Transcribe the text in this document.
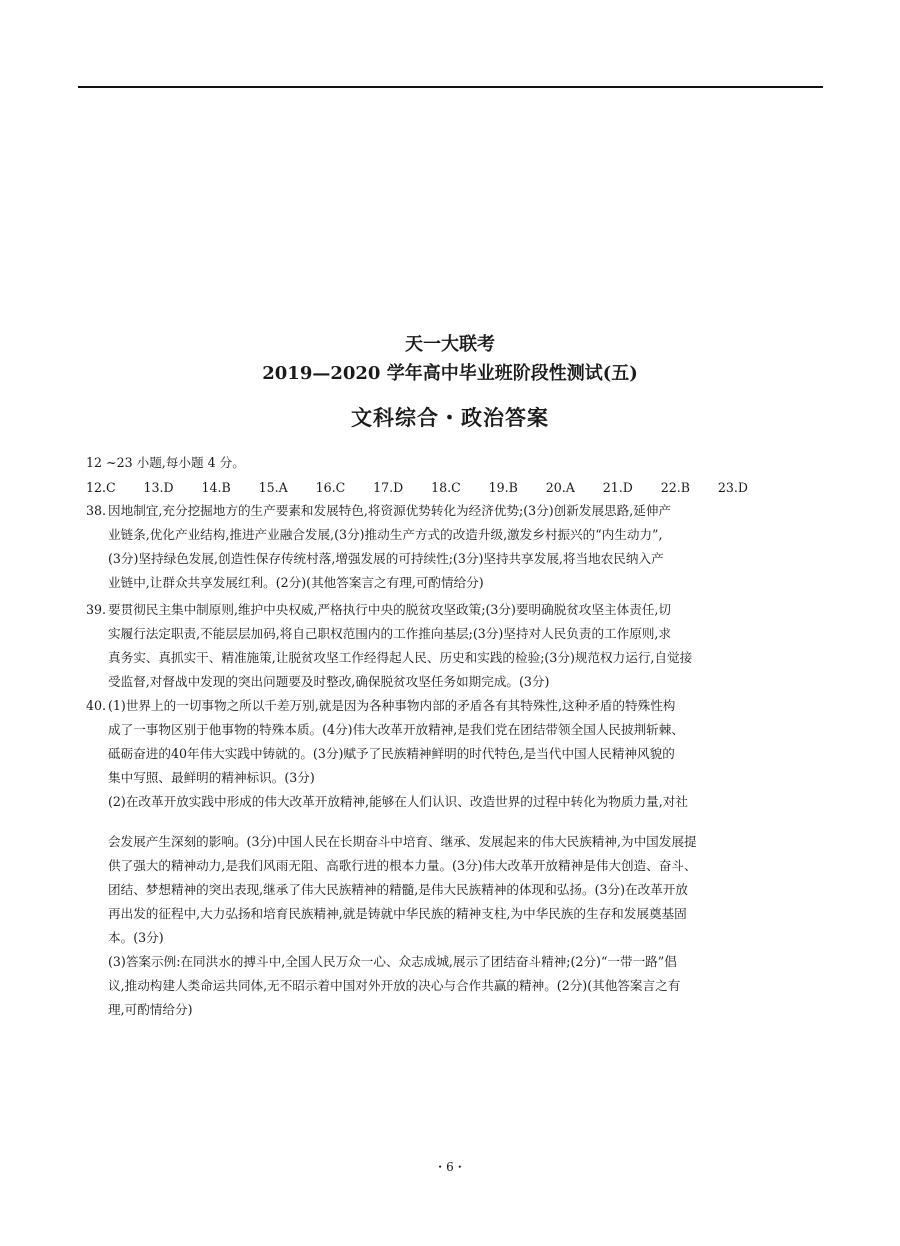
天一大联考
2019—2020 学年高中毕业班阶段性测试(五)
文科综合・政治答案
12 ~23 小题,每小题 4 分。
12.C 13.D 14.B 15.A 16.C 17.D 18.C 19.B 20.A 21.D 22.B 23.D
38. 因地制宜,充分挖掘地方的生产要素和发展特色,将资源优势转化为经济优势;(3分)创新发展思路,延伸产
业链条,优化产业结构,推进产业融合发展,(3分)推动生产方式的改造升级,激发乡村振兴的“内生动力”,
(3分)坚持绿色发展,创造性保存传统村落,增强发展的可持续性;(3分)坚持共享发展,将当地农民纳入产
业链中,让群众共享发展红利。(2分)(其他答案言之有理,可酌情给分)
39. 要贯彻民主集中制原则,维护中央权威,严格执行中央的脱贫攻坚政策;(3分)要明确脱贫攻坚主体责任,切
实履行法定职责,不能层层加码,将自己职权范围内的工作推向基层;(3分)坚持对人民负责的工作原则,求
真务实、真抓实干、精准施策,让脱贫攻坚工作经得起人民、历史和实践的检验;(3分)规范权力运行,自觉接
受监督,对督战中发现的突出问题要及时整改,确保脱贫攻坚任务如期完成。(3分)
40. (1)世界上的一切事物之所以千差万别,就是因为各种事物内部的矛盾各有其特殊性,这种矛盾的特殊性构
成了一事物区别于他事物的特殊本质。(4分)伟大改革开放精神,是我们党在团结带领全国人民披荆斩棘、
砥砺奋进的40年伟大实践中铸就的。(3分)赋予了民族精神鲜明的时代特色,是当代中国人民精神风貌的
集中写照、最鲜明的精神标识。(3分)
(2)在改革开放实践中形成的伟大改革开放精神,能够在人们认识、改造世界的过程中转化为物质力量,对社
会发展产生深刻的影响。(3分)中国人民在长期奋斗中培育、继承、发展起来的伟大民族精神,为中国发展提
供了强大的精神动力,是我们风雨无阻、高歌行进的根本力量。(3分)伟大改革开放精神是伟大创造、奋斗、
团结、梦想精神的突出表现,继承了伟大民族精神的精髓,是伟大民族精神的体现和弘扬。(3分)在改革开放
再出发的征程中,大力弘扬和培育民族精神,就是铸就中华民族的精神支柱,为中华民族的生存和发展奠基固
本。(3分)
(3)答案示例:在同洪水的搏斗中,全国人民万众一心、众志成城,展示了团结奋斗精神;(2分)“一带一路”倡
议,推动构建人类命运共同体,无不昭示着中国对外开放的决心与合作共赢的精神。(2分)(其他答案言之有
理,可酌情给分)
・6・
